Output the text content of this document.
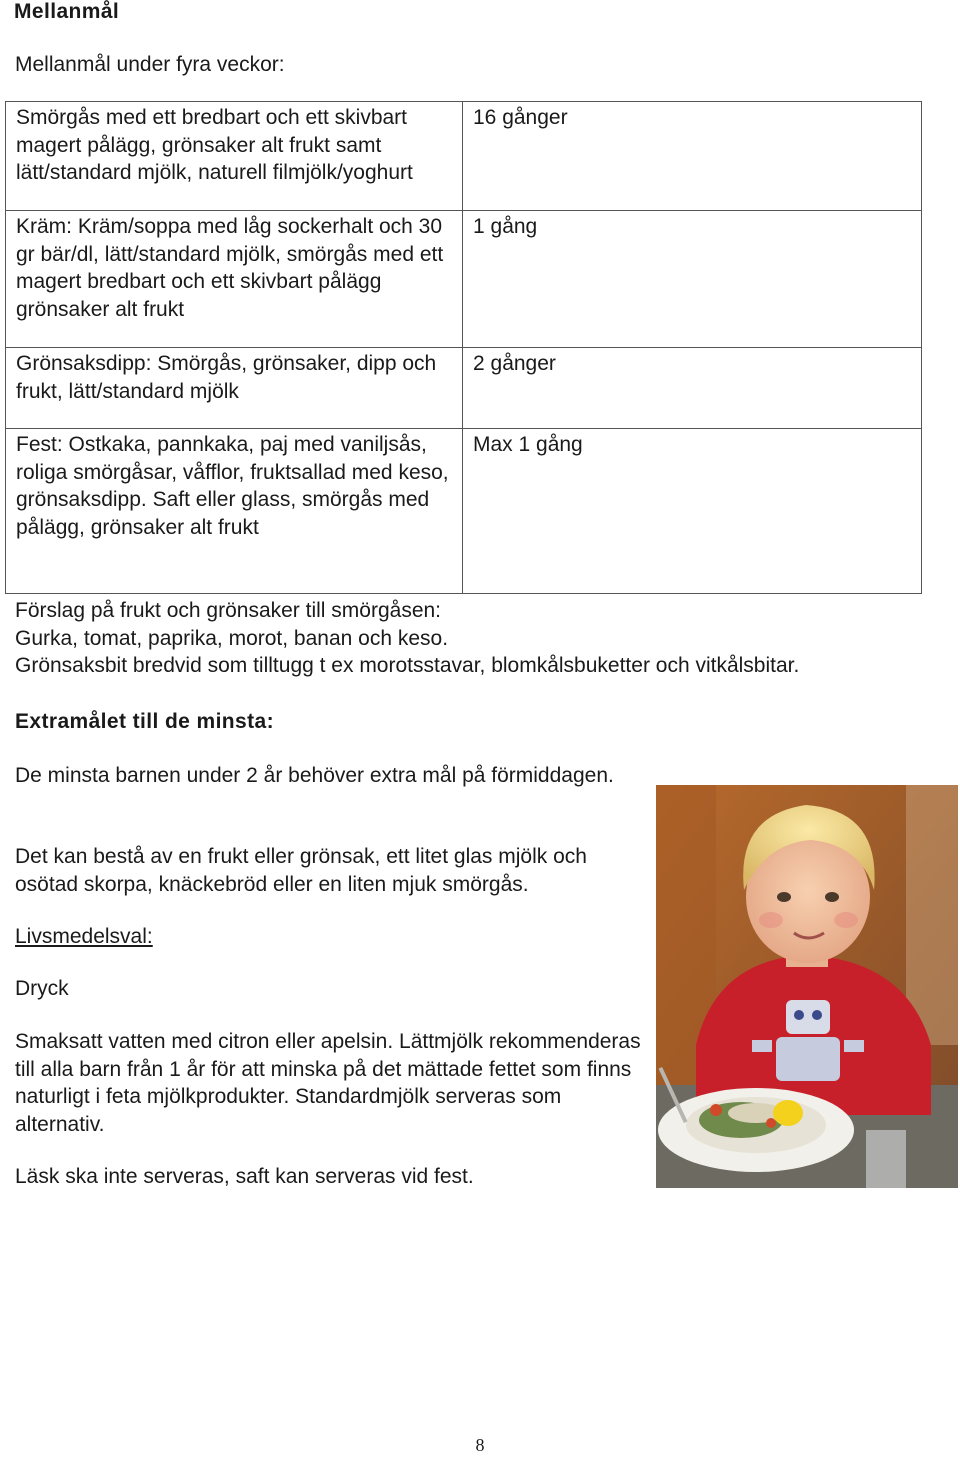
Mellanmål
Mellanmål under fyra veckor:
Smörgås med ett bredbart och ett skivbart magert pålägg, grönsaker alt frukt samt lätt/standard mjölk, naturell filmjölk/yoghurt	16 gånger
Kräm: Kräm/soppa med låg sockerhalt och 30 gr bär/dl, lätt/standard mjölk, smörgås med ett magert bredbart och ett skivbart pålägg grönsaker alt frukt	1 gång
Grönsaksdipp: Smörgås, grönsaker, dipp och frukt, lätt/standard mjölk	2 gånger
Fest: Ostkaka, pannkaka, paj med vaniljsås, roliga smörgåsar, våfflor, fruktsallad med keso, grönsaksdipp. Saft eller glass, smörgås med pålägg, grönsaker alt frukt	Max 1 gång
Förslag på frukt och grönsaker till smörgåsen:
Gurka, tomat, paprika, morot, banan och keso.
Grönsaksbit bredvid som tilltugg t ex morotsstavar, blomkålsbuketter och vitkålsbitar.
Extramålet till de minsta:
De minsta barnen under 2 år behöver extra mål på förmiddagen.
Det kan bestå av en frukt eller grönsak, ett litet glas mjölk och osötad skorpa, knäckebröd eller en liten mjuk smörgås.
Livsmedelsval:
Dryck
Smaksatt vatten med citron eller apelsin. Lättmjölk rekommenderas till alla barn från 1 år för att minska på det mättade fettet som finns naturligt i feta mjölkprodukter. Standardmjölk serveras som alternativ.
Läsk ska inte serveras, saft kan serveras vid fest.
8
